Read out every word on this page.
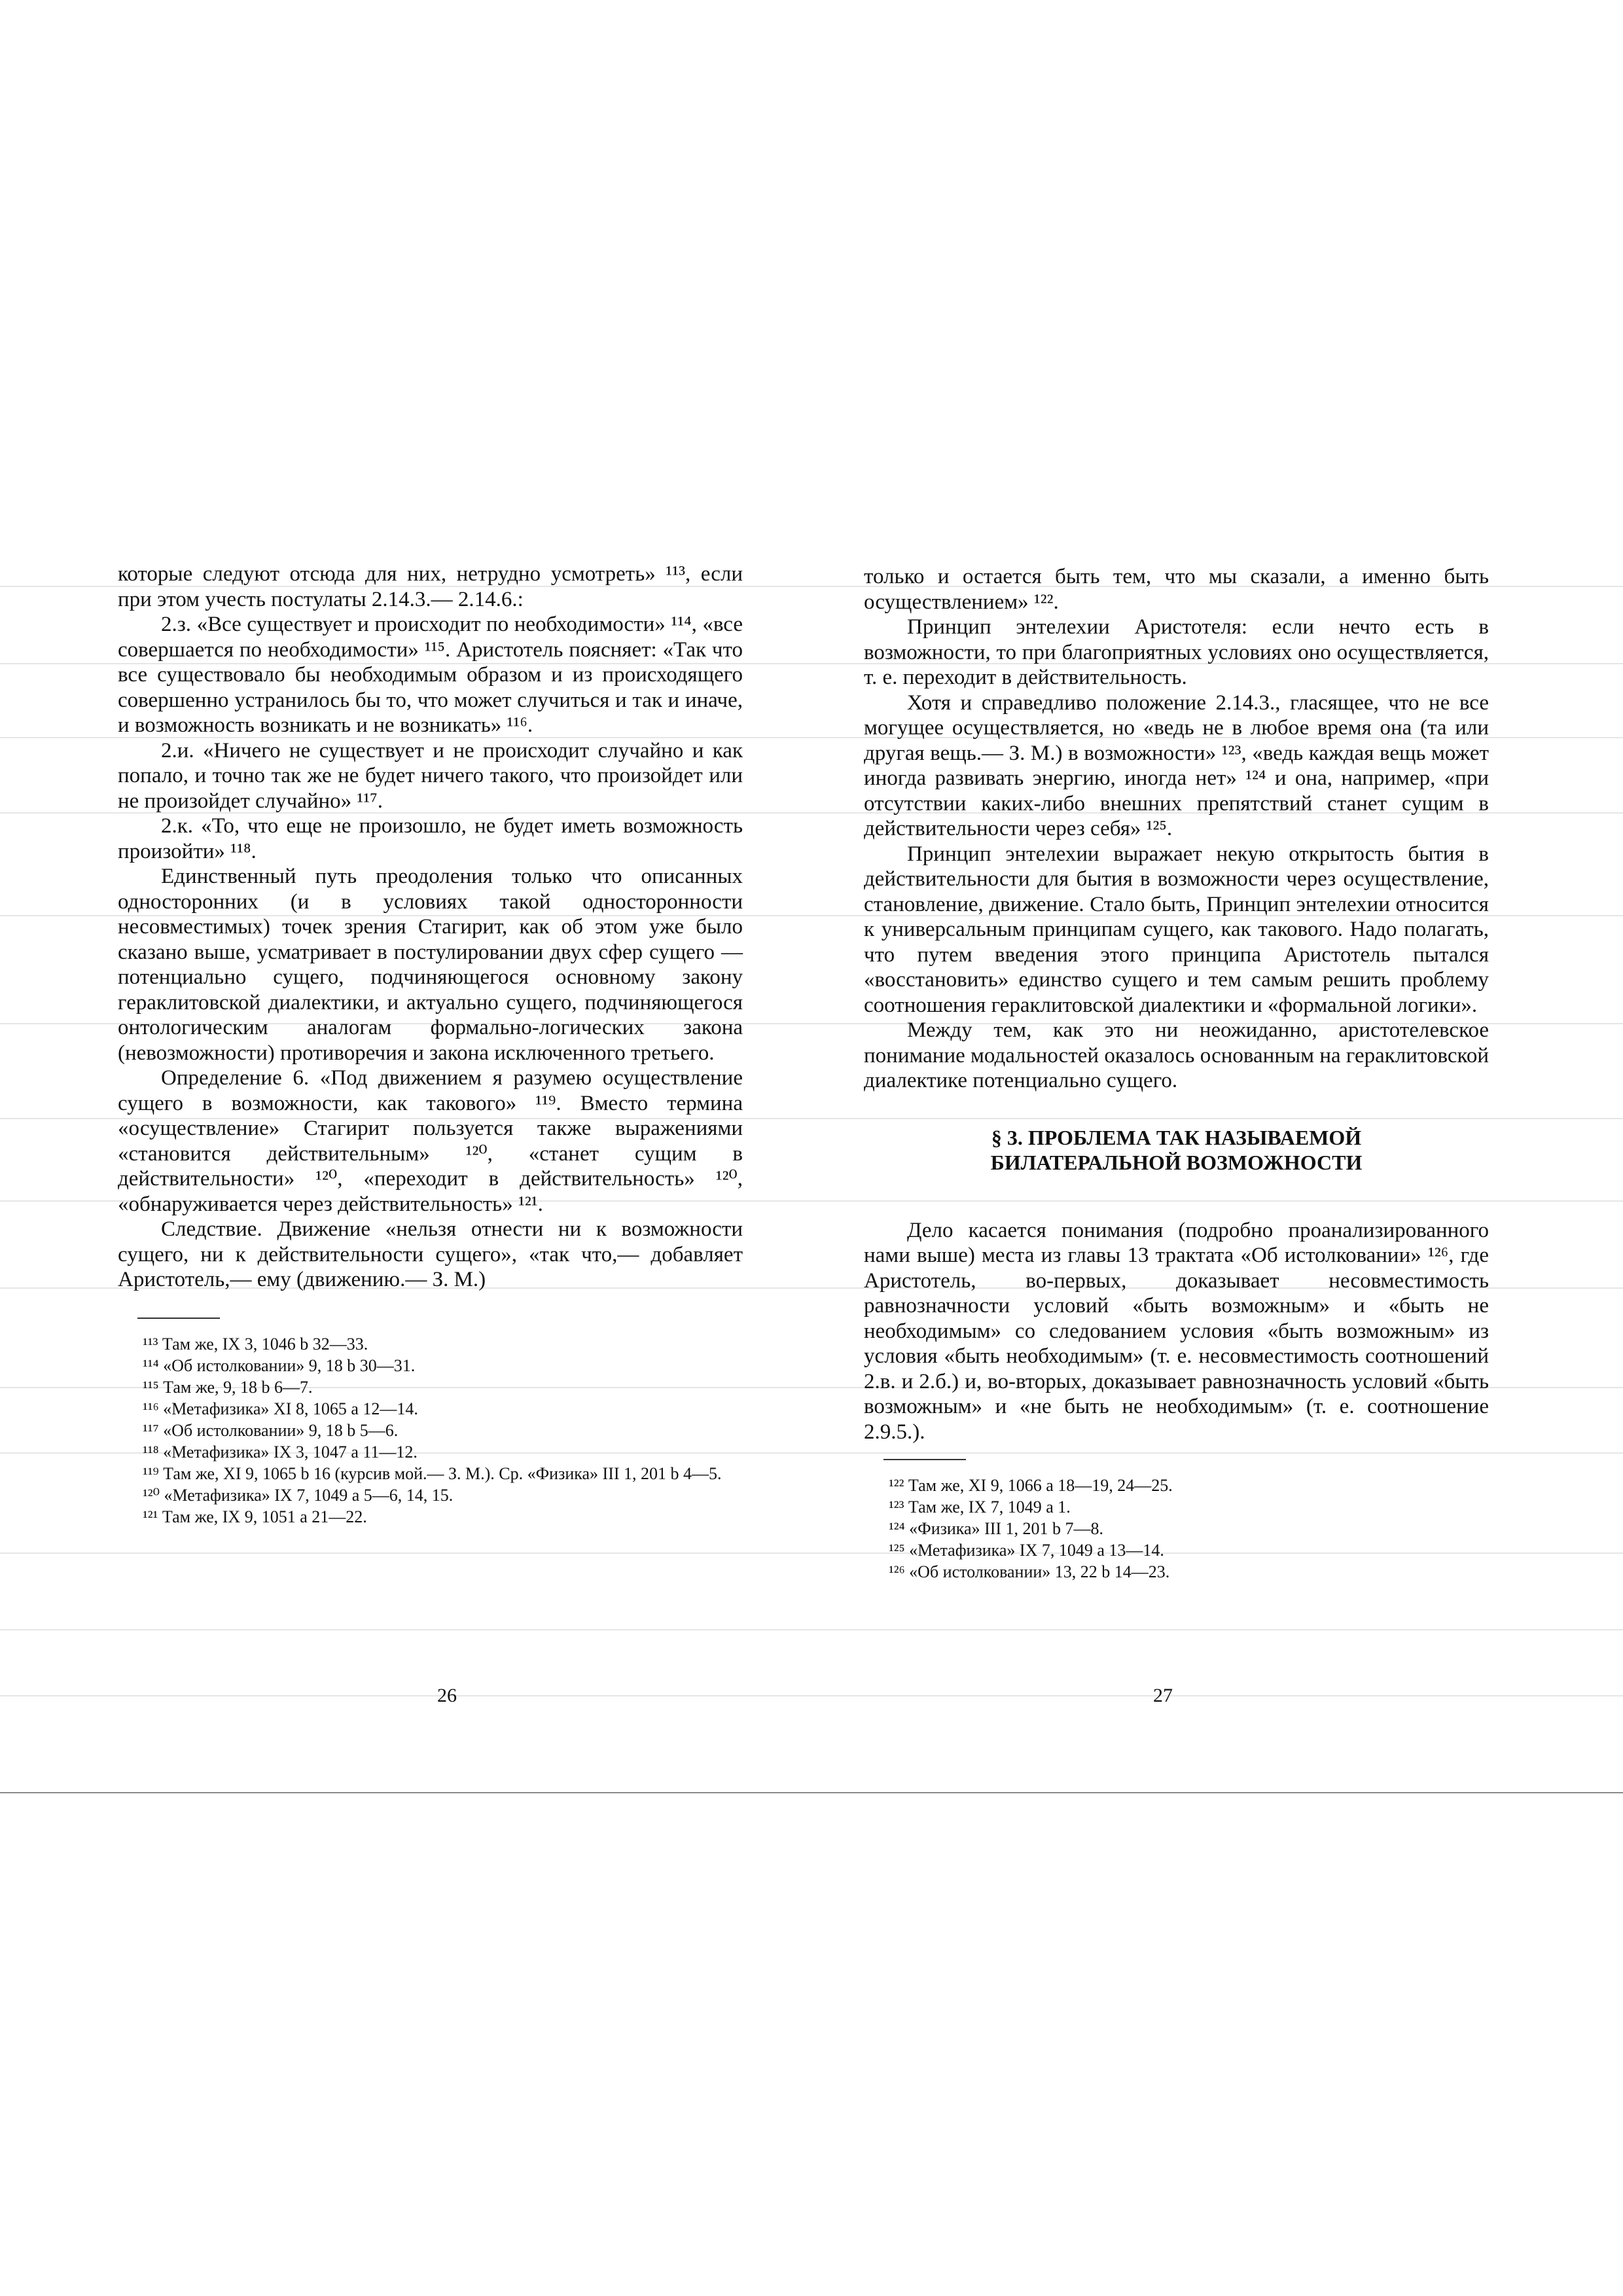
которые следуют отсюда для них, нетрудно усмотреть» ¹¹³, если при этом учесть постулаты 2.14.3.— 2.14.6.:

2.з. «Все существует и происходит по необходимости» ¹¹⁴, «все совершается по необходимости» ¹¹⁵. Аристотель поясняет: «Так что все существовало бы необходимым образом и из происходящего совершенно устранилось бы то, что может случиться и так и иначе, и возможность возникать и не возникать» ¹¹⁶.

2.и. «Ничего не существует и не происходит случайно и как попало, и точно так же не будет ничего такого, что произойдет или не произойдет случайно» ¹¹⁷.

2.к. «То, что еще не произошло, не будет иметь возможность произойти» ¹¹⁸.

Единственный путь преодоления только что описанных односторонних (и в условиях такой односторонности несовместимых) точек зрения Стагирит, как об этом уже было сказано выше, усматривает в постулировании двух сфер сущего — потенциально сущего, подчиняющегося основному закону гераклитовской диалектики, и актуально сущего, подчиняющегося онтологическим аналогам формально-логических закона (невозможности) противоречия и закона исключенного третьего.

Определение 6. «Под движением я разумею осуществление сущего в возможности, как такового» ¹¹⁹. Вместо термина «осуществление» Стагирит пользуется также выражениями «становится действительным» ¹²⁰, «станет сущим в действительности» ¹²⁰, «переходит в действительность» ¹²⁰, «обнаруживается через действительность» ¹²¹.

Следствие. Движение «нельзя отнести ни к возможности сущего, ни к действительности сущего», «так что,— добавляет Аристотель,— ему (движению.— З. М.)

¹¹³ Там же, IX 3, 1046 b 32—33.
¹¹⁴ «Об истолковании» 9, 18 b 30—31.
¹¹⁵ Там же, 9, 18 b 6—7.
¹¹⁶ «Метафизика» XI 8, 1065 a 12—14.
¹¹⁷ «Об истолковании» 9, 18 b 5—6.
¹¹⁸ «Метафизика» IX 3, 1047 a 11—12.
¹¹⁹ Там же, XI 9, 1065 b 16 (курсив мой.— З. М.). Ср. «Физика» III 1, 201 b 4—5.
¹²⁰ «Метафизика» IX 7, 1049 a 5—6, 14, 15.
¹²¹ Там же, IX 9, 1051 a 21—22.
26

только и остается быть тем, что мы сказали, а именно быть осуществлением» ¹²².

Принцип энтелехии Аристотеля: если нечто есть в возможности, то при благоприятных условиях оно осуществляется, т. е. переходит в действительность.

Хотя и справедливо положение 2.14.3., гласящее, что не все могущее осуществляется, но «ведь не в любое время она (та или другая вещь.— З. М.) в возможности» ¹²³, «ведь каждая вещь может иногда развивать энергию, иногда нет» ¹²⁴ и она, например, «при отсутствии каких-либо внешних препятствий станет сущим в действительности через себя» ¹²⁵.

Принцип энтелехии выражает некую открытость бытия в действительности для бытия в возможности через осуществление, становление, движение. Стало быть, Принцип энтелехии относится к универсальным принципам сущего, как такового. Надо полагать, что путем введения этого принципа Аристотель пытался «восстановить» единство сущего и тем самым решить проблему соотношения гераклитовской диалектики и «формальной логики».

Между тем, как это ни неожиданно, аристотелевское понимание модальностей оказалось основанным на гераклитовской диалектике потенциально сущего.

§ 3. ПРОБЛЕМА ТАК НАЗЫВАЕМОЙ
БИЛАТЕРАЛЬНОЙ ВОЗМОЖНОСТИ

Дело касается понимания (подробно проанализированного нами выше) места из главы 13 трактата «Об истолковании» ¹²⁶, где Аристотель, во-первых, доказывает несовместимость равнозначности условий «быть возможным» и «быть не необходимым» со следованием условия «быть возможным» из условия «быть необходимым» (т. е. несовместимость соотношений 2.в. и 2.б.) и, во-вторых, доказывает равнозначность условий «быть возможным» и «не быть не необходимым» (т. е. соотношение 2.9.5.).

¹²² Там же, XI 9, 1066 a 18—19, 24—25.
¹²³ Там же, IX 7, 1049 a 1.
¹²⁴ «Физика» III 1, 201 b 7—8.
¹²⁵ «Метафизика» IX 7, 1049 a 13—14.
¹²⁶ «Об истолковании» 13, 22 b 14—23.
27
